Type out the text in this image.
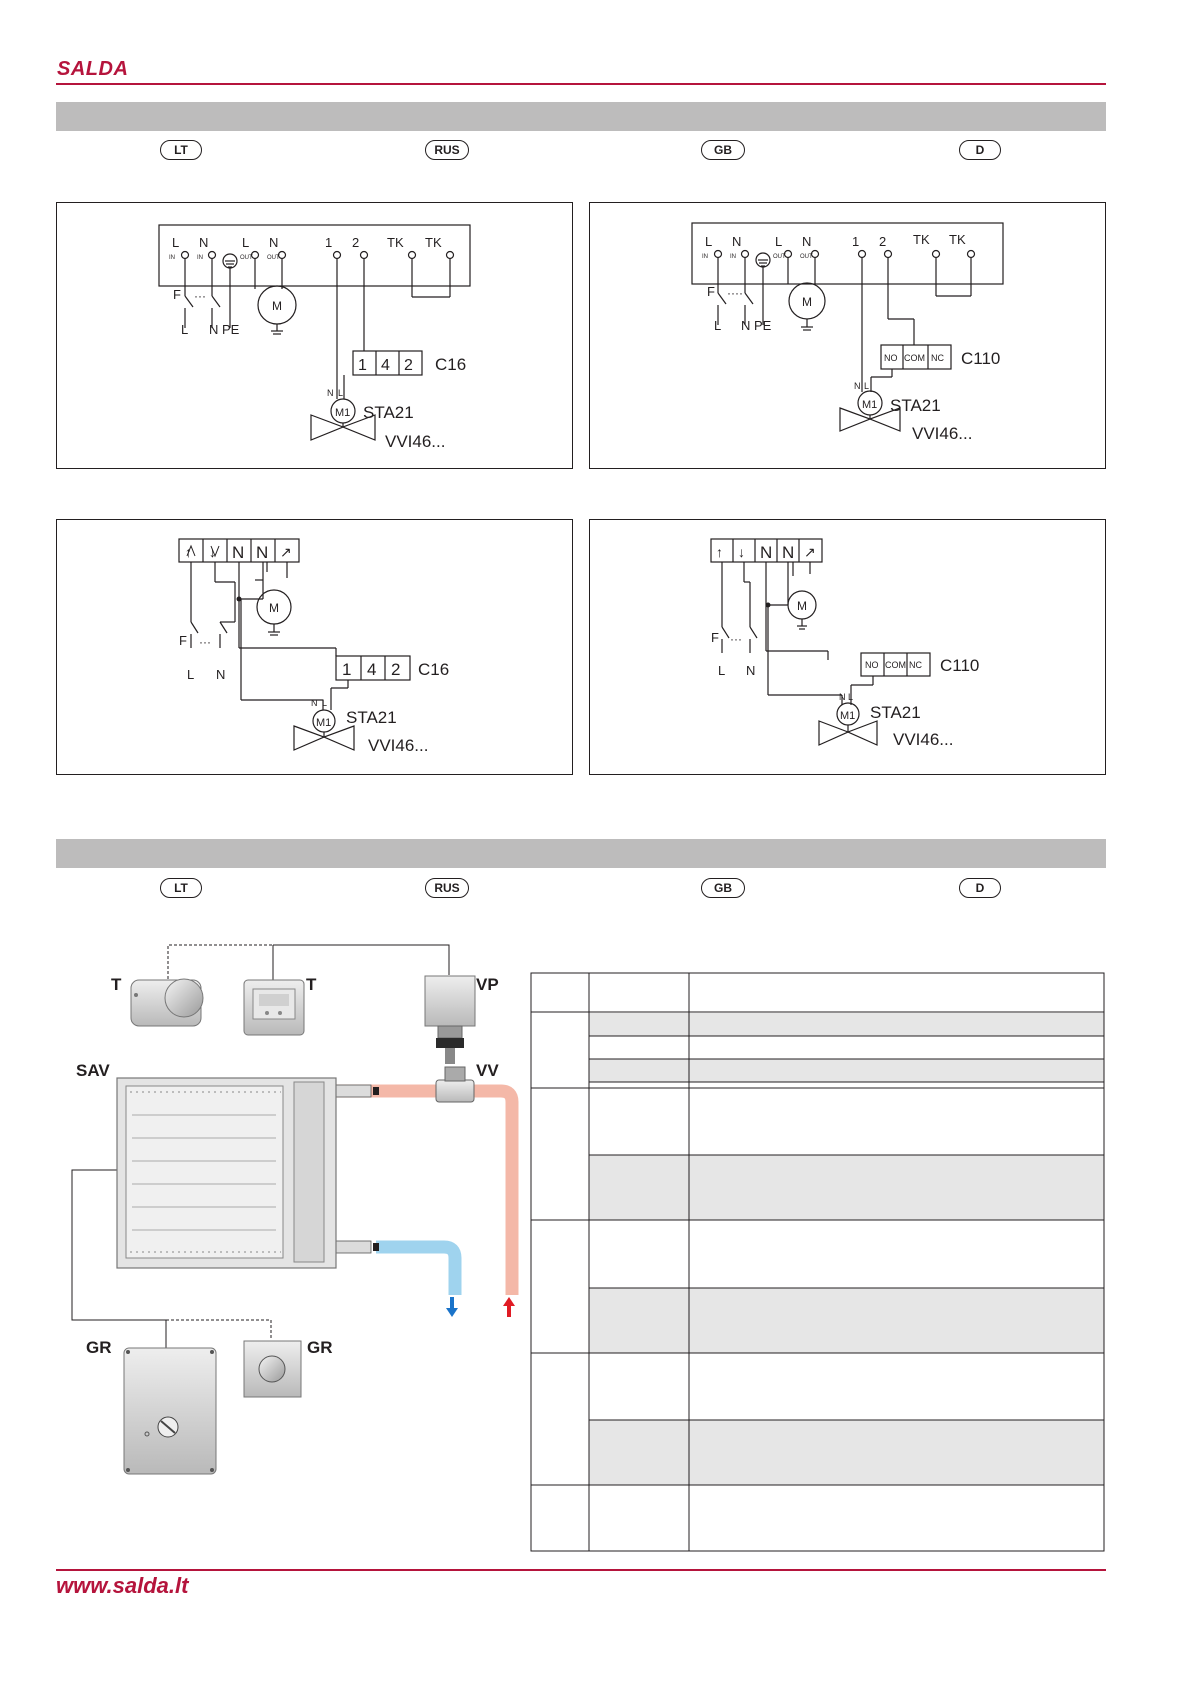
SALDA
LT	RUS	GB	D
L N	L N	1 2 TK TK
IN	IN	OUT OUT
F ···
L N PE
M
1 4 2 C16
N L
M1 STA21
VVI46...
L N	L N	1 2 TK TK
IN	IN	OUT OUT
F ····
L N PE
M
NO COM NC C110
N L
M1 STA21
VVI46...
↑ ↓ N N ↗
F ···
L N
M
1 4 2 C16
N L
M1 STA21
VVI46...
↑ ↓ N N ↗
F ···
L N
M
NO COM NC C110
N L
M1 STA21
VVI46...
LT	RUS	GB	D
T	T	VP
SAV	VV
GR	GR
www.salda.lt
